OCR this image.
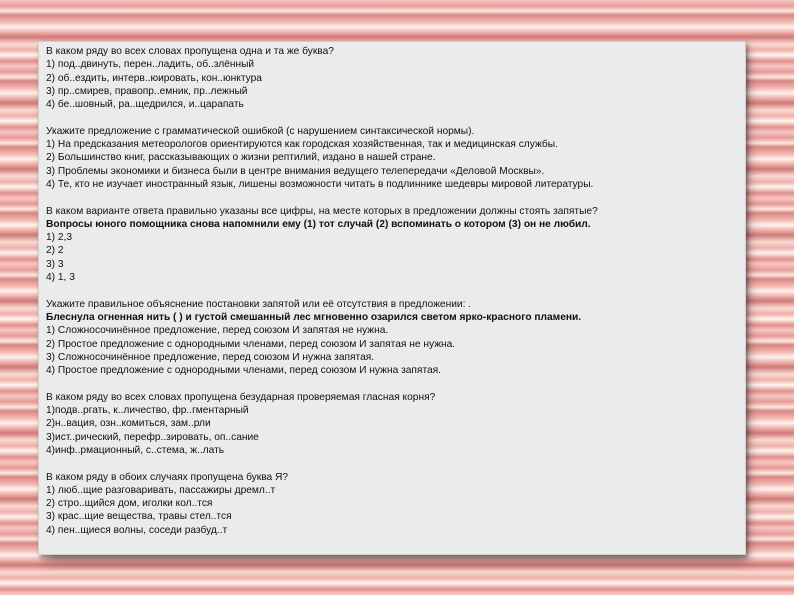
В каком ряду во всех словах пропущена одна и та же буква?
1) под..двинуть, перен..ладить, об..злённый
2) об..ездить, интерв..юировать, кон..юнктура
3) пр..смирев, правопр..емник, пр..лежный
4) бе..шовный, ра..щедрился, и..царапать
Укажите предложение с грамматической ошибкой (с нарушением синтаксической нормы).
1) На предсказания метеорологов ориентируются как городская хозяйственная, так и медицинская службы.
2) Большинство книг, рассказывающих о жизни рептилий, издано в нашей стране.
3) Проблемы экономики и бизнеса были в центре внимания ведущего телепередачи «Деловой Москвы».
4) Те, кто не изучает иностранный язык, лишены возможности читать в подлиннике шедевры мировой литературы.
В каком варианте ответа правильно указаны все цифры, на месте которых в предложении должны стоять запятые?
Вопросы юного помощника снова напомнили ему (1) тот случай (2) вспоминать о котором (3) он не любил.
1) 2,3
2) 2
3) 3
4) 1, 3
Укажите правильное объяснение постановки запятой или её отсутствия в предложении: .
Блеснула огненная нить ( ) и густой смешанный лес мгновенно озарился светом ярко-красного пламени.
1) Сложносочинённое предложение, перед союзом И запятая не нужна.
2) Простое предложение с однородными членами, перед союзом И запятая не нужна.
3) Сложносочинённое предложение, перед союзом И нужна запятая.
4) Простое предложение с однородными членами, перед союзом И нужна запятая.
В каком ряду во всех словах пропущена безударная проверяемая гласная корня?
1)подв..ргать, к..личество, фр..гментарный
2)н..вация, озн..комиться, зам..рли
3)ист..рический, перефр..зировать, оп..сание
4)инф..рмационный, с..стема, ж..лать
В каком ряду в обоих случаях пропущена буква Я?
1) люб..щие разговаривать, пассажиры дремл..т
2) стро..щийся дом, иголки кол..тся
3) крас..щие вещества, травы стел..тся
4) пен..щиеся волны, соседи разбуд..т
